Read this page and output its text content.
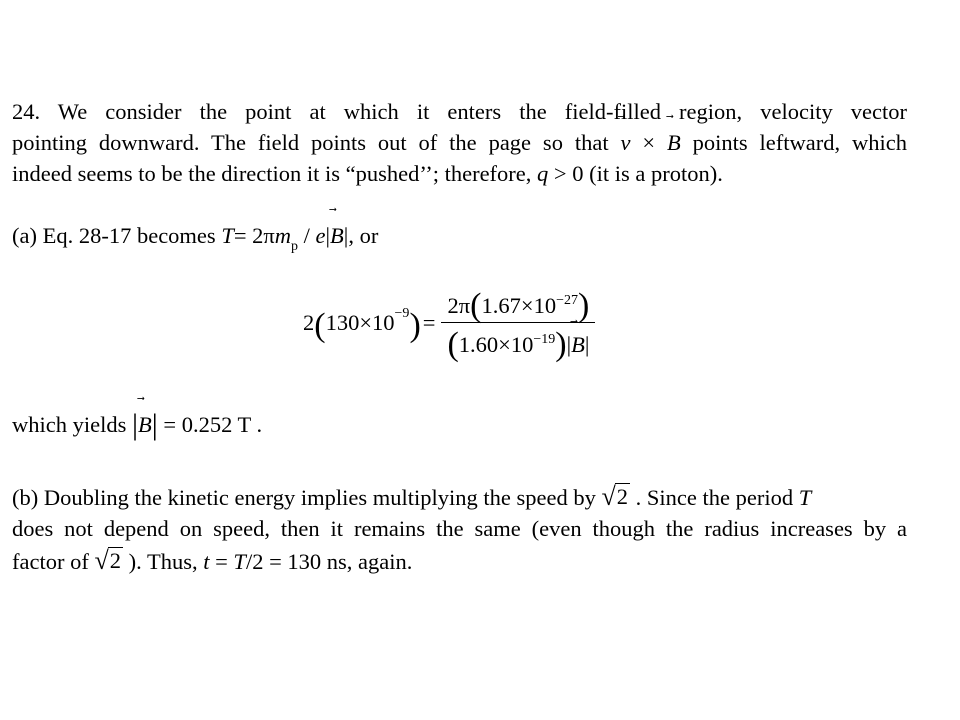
24. We consider the point at which it enters the field-filled region, velocity vector
pointing downward. The field points out of the page so that v × B points leftward, which
indeed seems to be the direction it is “pushed’’; therefore, q > 0 (it is a proton).
(a) Eq. 28-17 becomes $T= 2\pi m_p / e|$
B|, or
2 ( 130×10 −9 ) = $2\pi(1.67\times 10^{-27})$
$(1.60\times 10^{-19})|$
B|
which yields |
B| = 0.252 T .
(b) Doubling the kinetic energy implies multiplying the speed by √ 2 . Since the period T
does not depend on speed, then it remains the same (even though the radius increases by a
factor of √ 2 ). Thus, t = T/2 = 130 ns, again.
